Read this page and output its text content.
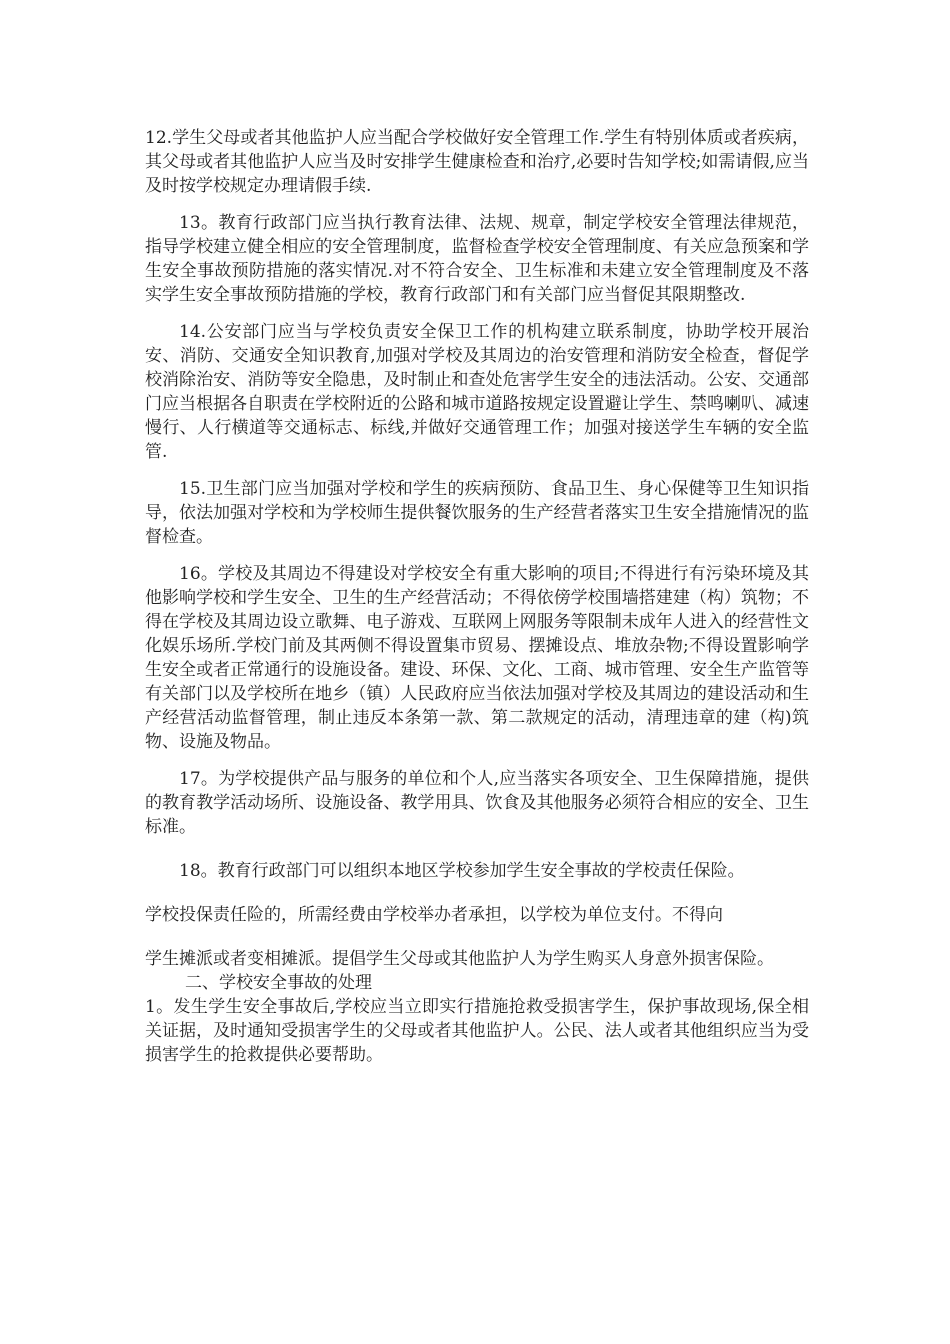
12.学生父母或者其他监护人应当配合学校做好安全管理工作.学生有特别体质或者疾病，其父母或者其他监护人应当及时安排学生健康检查和治疗,必要时告知学校;如需请假,应当及时按学校规定办理请假手续.

13。教育行政部门应当执行教育法律、法规、规章，制定学校安全管理法律规范，指导学校建立健全相应的安全管理制度，监督检查学校安全管理制度、有关应急预案和学生安全事故预防措施的落实情况.对不符合安全、卫生标准和未建立安全管理制度及不落实学生安全事故预防措施的学校，教育行政部门和有关部门应当督促其限期整改.

14.公安部门应当与学校负责安全保卫工作的机构建立联系制度，协助学校开展治安、消防、交通安全知识教育,加强对学校及其周边的治安管理和消防安全检查，督促学校消除治安、消防等安全隐患，及时制止和查处危害学生安全的违法活动。公安、交通部门应当根据各自职责在学校附近的公路和城市道路按规定设置避让学生、禁鸣喇叭、减速慢行、人行横道等交通标志、标线,并做好交通管理工作；加强对接送学生车辆的安全监管.

15.卫生部门应当加强对学校和学生的疾病预防、食品卫生、身心保健等卫生知识指导，依法加强对学校和为学校师生提供餐饮服务的生产经营者落实卫生安全措施情况的监督检查。

16。学校及其周边不得建设对学校安全有重大影响的项目;不得进行有污染环境及其他影响学校和学生安全、卫生的生产经营活动；不得依傍学校围墙搭建建（构）筑物；不得在学校及其周边设立歌舞、电子游戏、互联网上网服务等限制未成年人进入的经营性文化娱乐场所.学校门前及其两侧不得设置集市贸易、摆摊设点、堆放杂物;不得设置影响学生安全或者正常通行的设施设备。建设、环保、文化、工商、城市管理、安全生产监管等有关部门以及学校所在地乡（镇）人民政府应当依法加强对学校及其周边的建设活动和生产经营活动监督管理，制止违反本条第一款、第二款规定的活动，清理违章的建（构)筑物、设施及物品。

17。为学校提供产品与服务的单位和个人,应当落实各项安全、卫生保障措施，提供的教育教学活动场所、设施设备、教学用具、饮食及其他服务必须符合相应的安全、卫生标准。

18。教育行政部门可以组织本地区学校参加学生安全事故的学校责任保险。

学校投保责任险的，所需经费由学校举办者承担，以学校为单位支付。不得向

学生摊派或者变相摊派。提倡学生父母或其他监护人为学生购买人身意外损害保险。

二、学校安全事故的处理

1。发生学生安全事故后,学校应当立即实行措施抢救受损害学生，保护事故现场,保全相关证据，及时通知受损害学生的父母或者其他监护人。公民、法人或者其他组织应当为受损害学生的抢救提供必要帮助。
